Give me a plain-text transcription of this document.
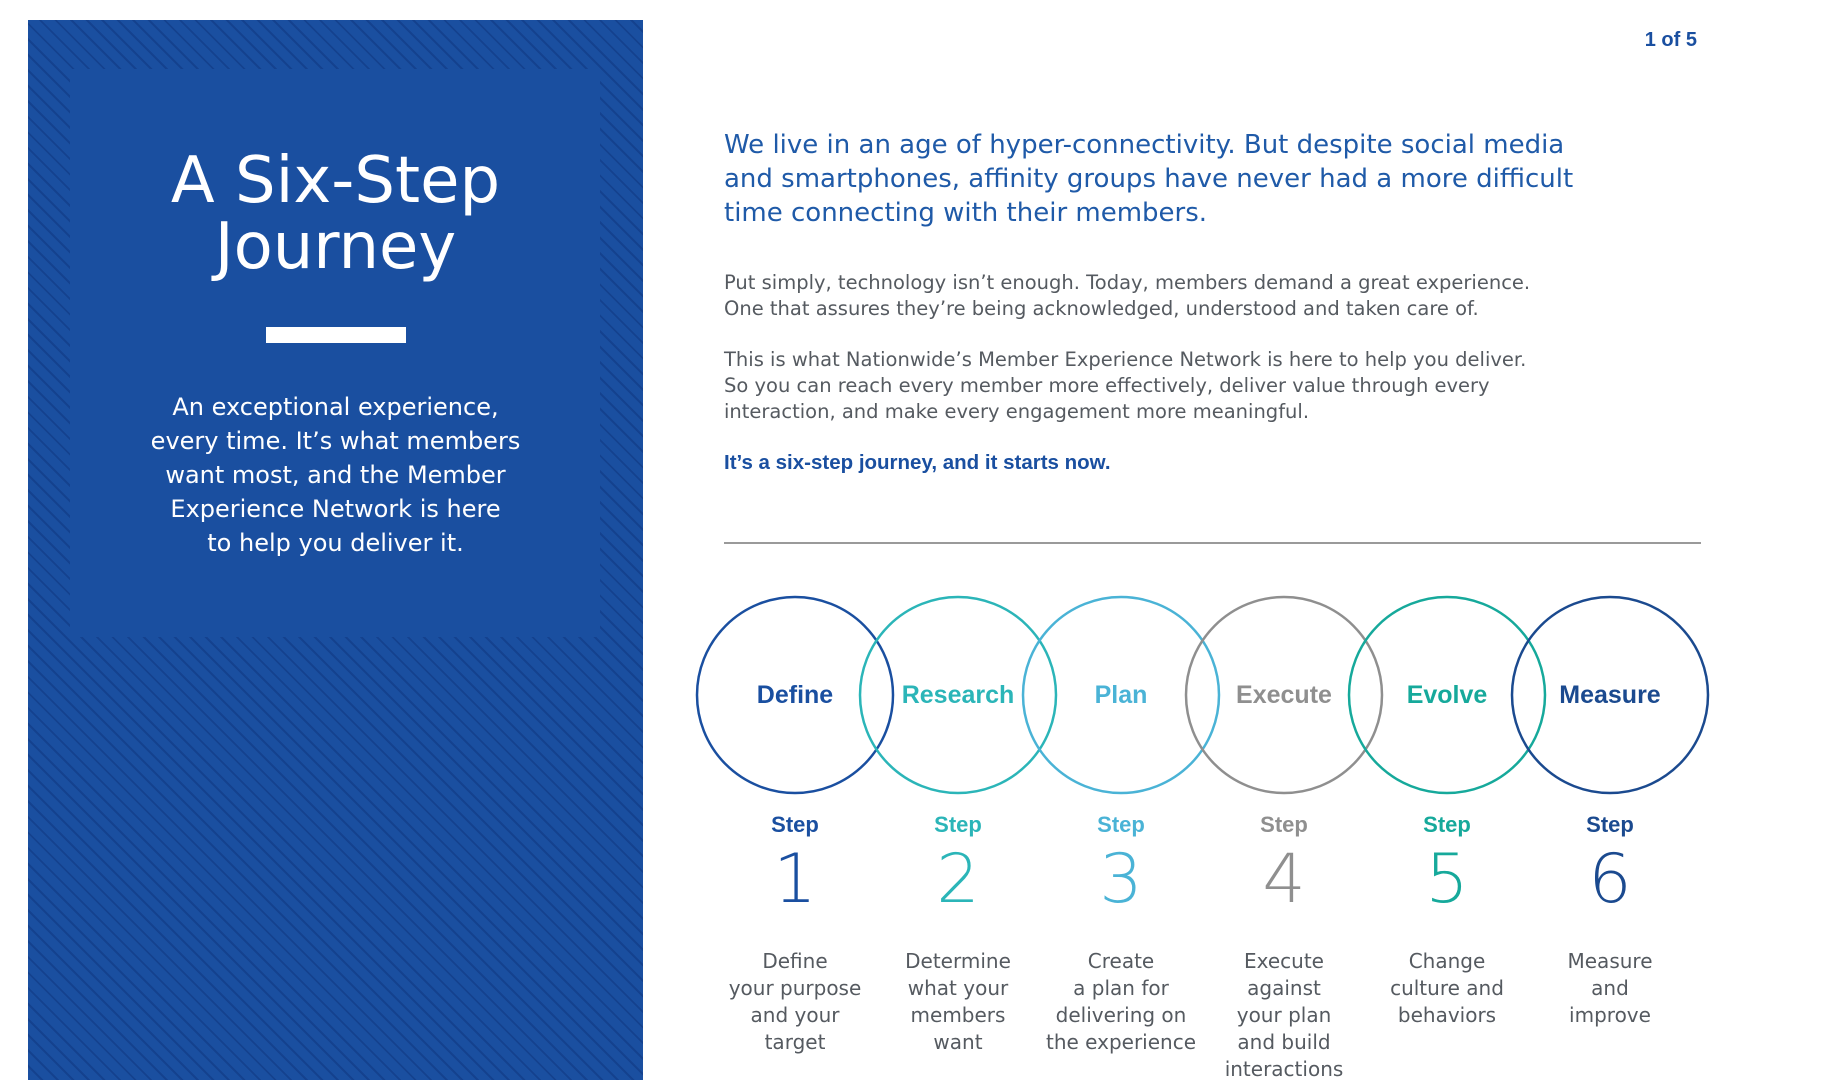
A Six-Step
Journey
An exceptional experience,
every time. It’s what members
want most, and the Member
Experience Network is here
to help you deliver it.
1 of 5
We live in an age of hyper-connectivity. But despite social media
and smartphones, affinity groups have never had a more difficult
time connecting with their members.
Put simply, technology isn’t enough. Today, members demand a great experience.
One that assures they’re being acknowledged, understood and taken care of.
This is what Nationwide’s Member Experience Network is here to help you deliver.
So you can reach every member more effectively, deliver value through every
interaction, and make every engagement more meaningful.
It’s a six-step journey, and it starts now.
Define	Research	Plan	Execute	Evolve	Measure
Step
1
Define
your purpose
and your
target
Step
2
Determine
what your
members
want
Step
3
Create
a plan for
delivering on
the experience
Step
4
Execute against
your plan
and build
interactions
Step
5
Change
culture and
behaviors
Step
6
Measure
and
improve
